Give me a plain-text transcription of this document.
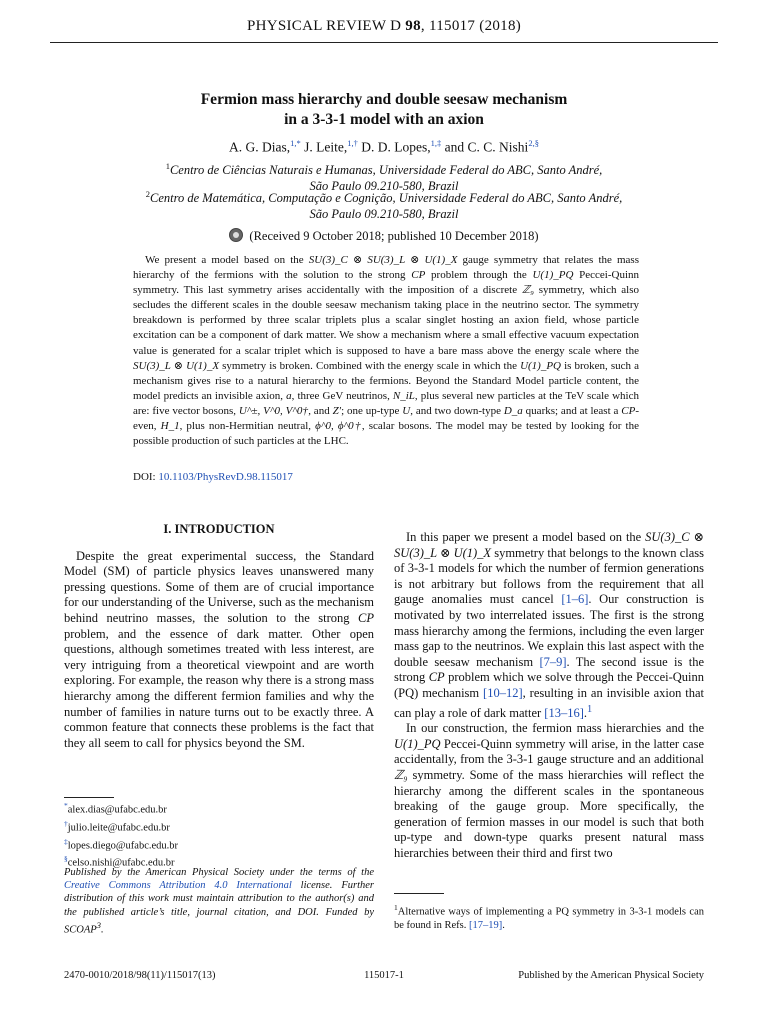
PHYSICAL REVIEW D 98, 115017 (2018)
Fermion mass hierarchy and double seesaw mechanism
in a 3-3-1 model with an axion
A. G. Dias,$^{1,*}$ J. Leite,$^{1,\dagger}$ D. D. Lopes,$^{1,\ddagger}$ and C. C. Nishi$^{2,\S}$
$^1$Centro de Ciências Naturais e Humanas, Universidade Federal do ABC, Santo André,
São Paulo 09.210-580, Brazil
$^2$Centro de Matemática, Computação e Cognição, Universidade Federal do ABC, Santo André,
São Paulo 09.210-580, Brazil
(Received 9 October 2018; published 10 December 2018)
We present a model based on the SU(3)_C ⊗ SU(3)_L ⊗ U(1)_X gauge symmetry that relates the mass hierarchy of the fermions with the solution to the strong CP problem through the U(1)_PQ Peccei-Quinn symmetry. This last symmetry arises accidentally with the imposition of a discrete ℤ₉ symmetry, which also secludes the different scales in the double seesaw mechanism taking place in the neutrino sector. The symmetry breakdown is performed by three scalar triplets plus a scalar singlet hosting an axion field, whose particle excitation can be a component of dark matter. We show a mechanism where a small effective vacuum expectation value is generated for a scalar triplet which is supposed to have a bare mass above the energy scale where the SU(3)_L ⊗ U(1)_X symmetry is broken. Combined with the energy scale in which the U(1)_PQ is broken, such a mechanism gives rise to a natural hierarchy to the fermions. Beyond the Standard Model particle content, the model predicts an invisible axion, a, three GeV neutrinos, N_iL, plus several new particles at the TeV scale which are: five vector bosons, U^±, V^0, V^0†, and Z′; one up-type U, and two down-type D_a quarks; and at least a CP-even, H_1, plus non-Hermitian neutral, ϕ^0, ϕ^0†, scalar bosons. The model may be tested by looking for the possible production of such particles at the LHC.
DOI: 10.1103/PhysRevD.98.115017
I. INTRODUCTION

Despite the great experimental success, the Standard Model (SM) of particle physics leaves unanswered many pressing questions. Some of them are of crucial importance for our understanding of the Universe, such as the mechanism behind neutrino masses, the solution to the strong CP problem, and the essence of dark matter. Other open questions, although sometimes treated with less interest, are very intriguing from a theoretical viewpoint and are worth exploring. For example, the reason why there is a strong mass hierarchy among the different fermion families and why the number of families in nature turns out to be exactly three. A common feature that connects these problems is the fact that they all seem to call for physics beyond the SM.

*alex.dias@ufabc.edu.br
†julio.leite@ufabc.edu.br
‡lopes.diego@ufabc.edu.br
§celso.nishi@ufabc.edu.br
Published by the American Physical Society under the terms of the Creative Commons Attribution 4.0 International license. Further distribution of this work must maintain attribution to the author(s) and the published article’s title, journal citation, and DOI. Funded by SCOAP$^3$.

In this paper we present a model based on the SU(3)_C ⊗ SU(3)_L ⊗ U(1)_X symmetry that belongs to the known class of 3-3-1 models for which the number of fermion generations is not arbitrary but follows from the requirement that all gauge anomalies must cancel [1–6]. Our construction is motivated by two interrelated issues. The first is the strong mass hierarchy among the fermions, including the even larger mass gap to the neutrinos. We explain this last aspect with the double seesaw mechanism [7–9]. The second issue is the strong CP problem which we solve through the Peccei-Quinn (PQ) mechanism [10–12], resulting in an invisible axion that can play a role of dark matter [13–16].$^1$

In our construction, the fermion mass hierarchies and the U(1)_PQ Peccei-Quinn symmetry will arise, in the latter case accidentally, from the 3-3-1 gauge structure and an additional ℤ₉ symmetry. Some of the mass hierarchies will reflect the hierarchy among the different scales in the spontaneous breaking of the gauge group. More specifically, the generation of fermion masses in our model is such that both up-type and down-type quarks present natural mass hierarchies between their third and first two

$^1$Alternative ways of implementing a PQ symmetry in 3-3-1 models can be found in Refs. [17–19].
2470-0010/2018/98(11)/115017(13)	115017-1	Published by the American Physical Society
